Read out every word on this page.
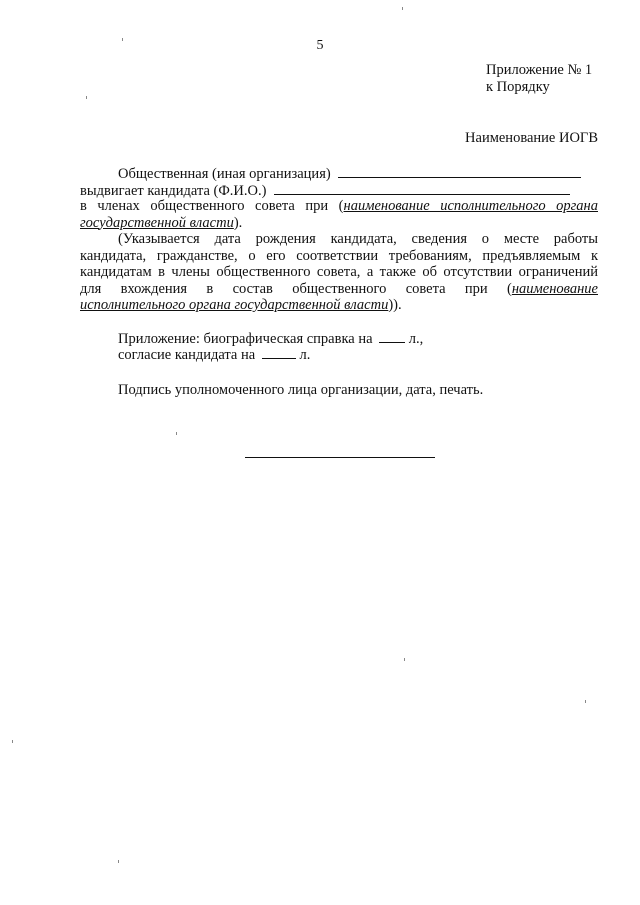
5
Приложение № 1
к Порядку
Наименование ИОГВ
Общественная (иная организация)
выдвигает кандидата (Ф.И.О.)
в членах общественного совета при (наименование исполнительного органа
государственной власти).
(Указывается дата рождения кандидата, сведения о месте работы
кандидата, гражданстве, о его соответствии требованиям, предъявляемым к
кандидатам в члены общественного совета, а также об отсутствии ограничений
для вхождения в состав общественного совета при (наименование
исполнительного органа государственной власти)).
Приложение: биографическая справка на	л.,
согласие кандидата на	л.
Подпись уполномоченного лица организации, дата, печать.
